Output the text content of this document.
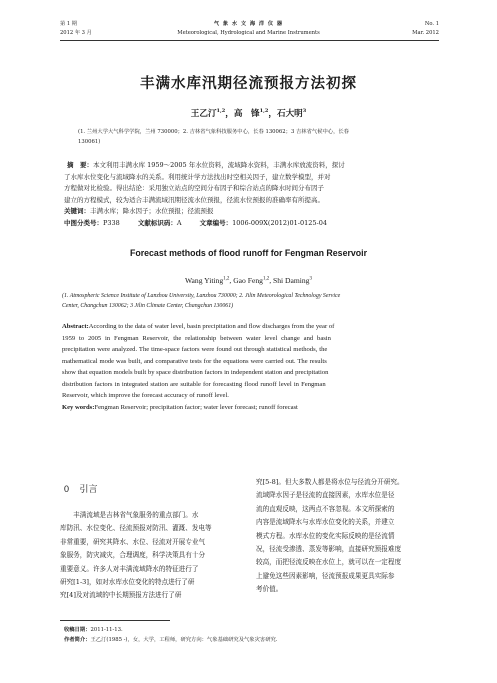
第 1 期
2012 年 3 月
气 象 水 文 海 洋 仪 器
Meteorological, Hydrological and Marine Instruments
No. 1
Mar. 2012
丰满水库汛期径流预报方法初探
王乙汀$^{1,2}$，高　锋$^{1,2}$，石大明$^3$
(1. 兰州大学大气科学学院，兰州 730000；2. 吉林省气象科技服务中心，长春 130062；3 吉林省气候中心，长春
130061)
摘　要：本文利用丰满水库 1959～2005 年水位资料，流域降水资料，丰满水库放流资料，探讨
了水库水位变化与流域降水的关系。利用统计学方法找出时空相关因子，建立数学模型，并对
方程做对比检验。得出结论：采用独立站点的空间分布因子和综合站点的降水时间分布因子
建立的方程模式，较为适合丰满流域汛期径流水位预报，径流水位预报的准确率有所提高。
关键词：丰满水库；降水因子；水位预报；径流预报
中图分类号：P338	文献标识码：A	文章编号：1006-009X(2012)01-0125-04
Forecast methods of flood runoff for Fengman Reservoir
Wang Yiting$^{1,2}$, Gao Feng$^{1,2}$, Shi Daming$^3$
(1. Atmospheric Science Institute of Lanzhou University, Lanzhou 730000; 2. Jilin Meteorological Technology Service
Center, Changchun 130062; 3 Jilin Climate Center, Changchun 130061)
Abstract:According to the data of water level, basin precipitation and flow discharges from the year of
1959 to 2005 in Fengman Reservoir, the relationship between water level change and basin
precipitation were analyzed. The time-space factors were found out through statistical methods, the
mathematical mode was built, and comparative tests for the equations were carried out. The results
show that equation models built by space distribution factors in independent station and precipitation
distribution factors in integrated station are suitable for forecasting flood runoff level in Fengman
Reservoir, which improve the forecast accuracy of runoff level.
Key words:Fengman Reservoir; precipitation factor; water lever forecast; runoff forecast
0 引言
　　丰满流域是吉林省气象服务的重点部门。水
库防汛、水位变化、径流预报对防汛、灌溉、发电等
非常重要，研究其降水、水位、径流对开展专业气
象服务，防灾减灾，合理调度，科学决策具有十分
重要意义。许多人对丰满流域降水的特征进行了
研究[1-3]，如对水库水位变化的特点进行了研
究[4]及对流域的中长期预报方法进行了研
究[5-8]。但大多数人都是将水位与径流分开研究。
流域降水因子是径流的直接因素，水库水位是径
流的直观反映，这两点不容忽视。本文所探索的
内容是流域降水与水库水位变化的关系，并建立
模式方程。水库水位的变化实际反映的是径流情
况，径流受渗透、蒸发等影响，直接研究预报难度
较高，而把径流反映在水位上，就可以在一定程度
上避免这些因素影响，径流预报成果更具实际参
考价值。
收稿日期：2011-11-13.
作者简介：王乙汀(1985 -)，女，大学，工程师，研究方向：气象基础研究及气象灾害研究.
